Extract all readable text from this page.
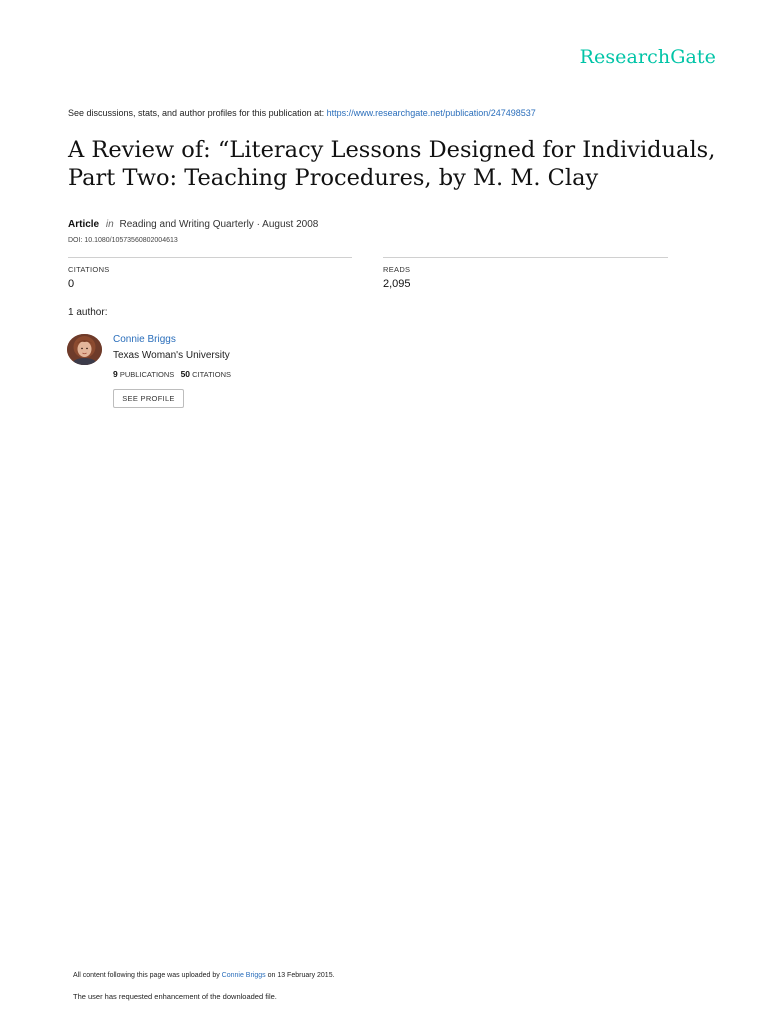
ResearchGate
See discussions, stats, and author profiles for this publication at: https://www.researchgate.net/publication/247498537
A Review of: “Literacy Lessons Designed for Individuals, Part Two: Teaching Procedures, by M. M. Clay
Article in Reading and Writing Quarterly · August 2008
DOI: 10.1080/10573560802004613
CITATIONS
0
READS
2,095
1 author:
Connie Briggs
Texas Woman's University
9 PUBLICATIONS 50 CITATIONS
SEE PROFILE
All content following this page was uploaded by Connie Briggs on 13 February 2015.
The user has requested enhancement of the downloaded file.
